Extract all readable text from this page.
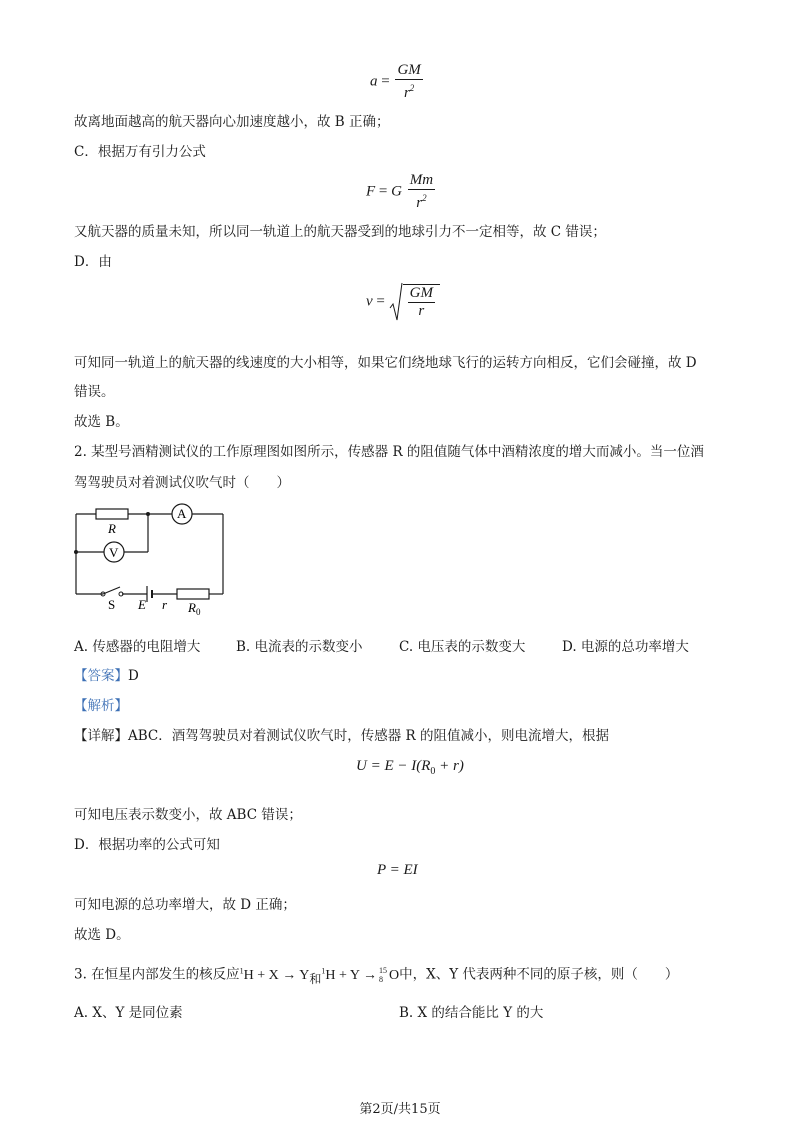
$a = \frac{GM}{r^2}$
故离地面越高的航天器向心加速度越小，故 B 正确；
C．根据万有引力公式
F = G $\frac{Mm}{r^2}$
又航天器的质量未知，所以同一轨道上的航天器受到的地球引力不一定相等，故 C 错误；
D．由
$v = \frac{GM}{r}$
可知同一轨道上的航天器的线速度的大小相等，如果它们绕地球飞行的运转方向相反，它们会碰撞，故 D
错误。
故选 B。
2. 某型号酒精测试仪的工作原理图如图所示，传感器 R 的阻值随气体中酒精浓度的增大而减小。当一位酒
驾驾驶员对着测试仪吹气时（　　）
R
A
V
S E r $R_0$
A. 传感器的电阻增大	B. 电流表的示数变小	C. 电压表的示数变大	D. 电源的总功率增大
【答案】D
【解析】
【详解】ABC．酒驾驾驶员对着测试仪吹气时，传感器 R 的阻值减小，则电流增大，根据
$U = E - I(R_0 + r)$
可知电压表示数变小，故 ABC 错误；
D．根据功率的公式可知
P = EI
可知电源的总功率增大，故 D 正确；
故选 D。
3. 在恒星内部发生的核反应$^1$H + X → Y和$^1$H + Y → 15
8 O中，X、Y 代表两种不同的原子核，则（　　）
A. X、Y 是同位素	B. X 的结合能比 Y 的大
第2页/共15页
